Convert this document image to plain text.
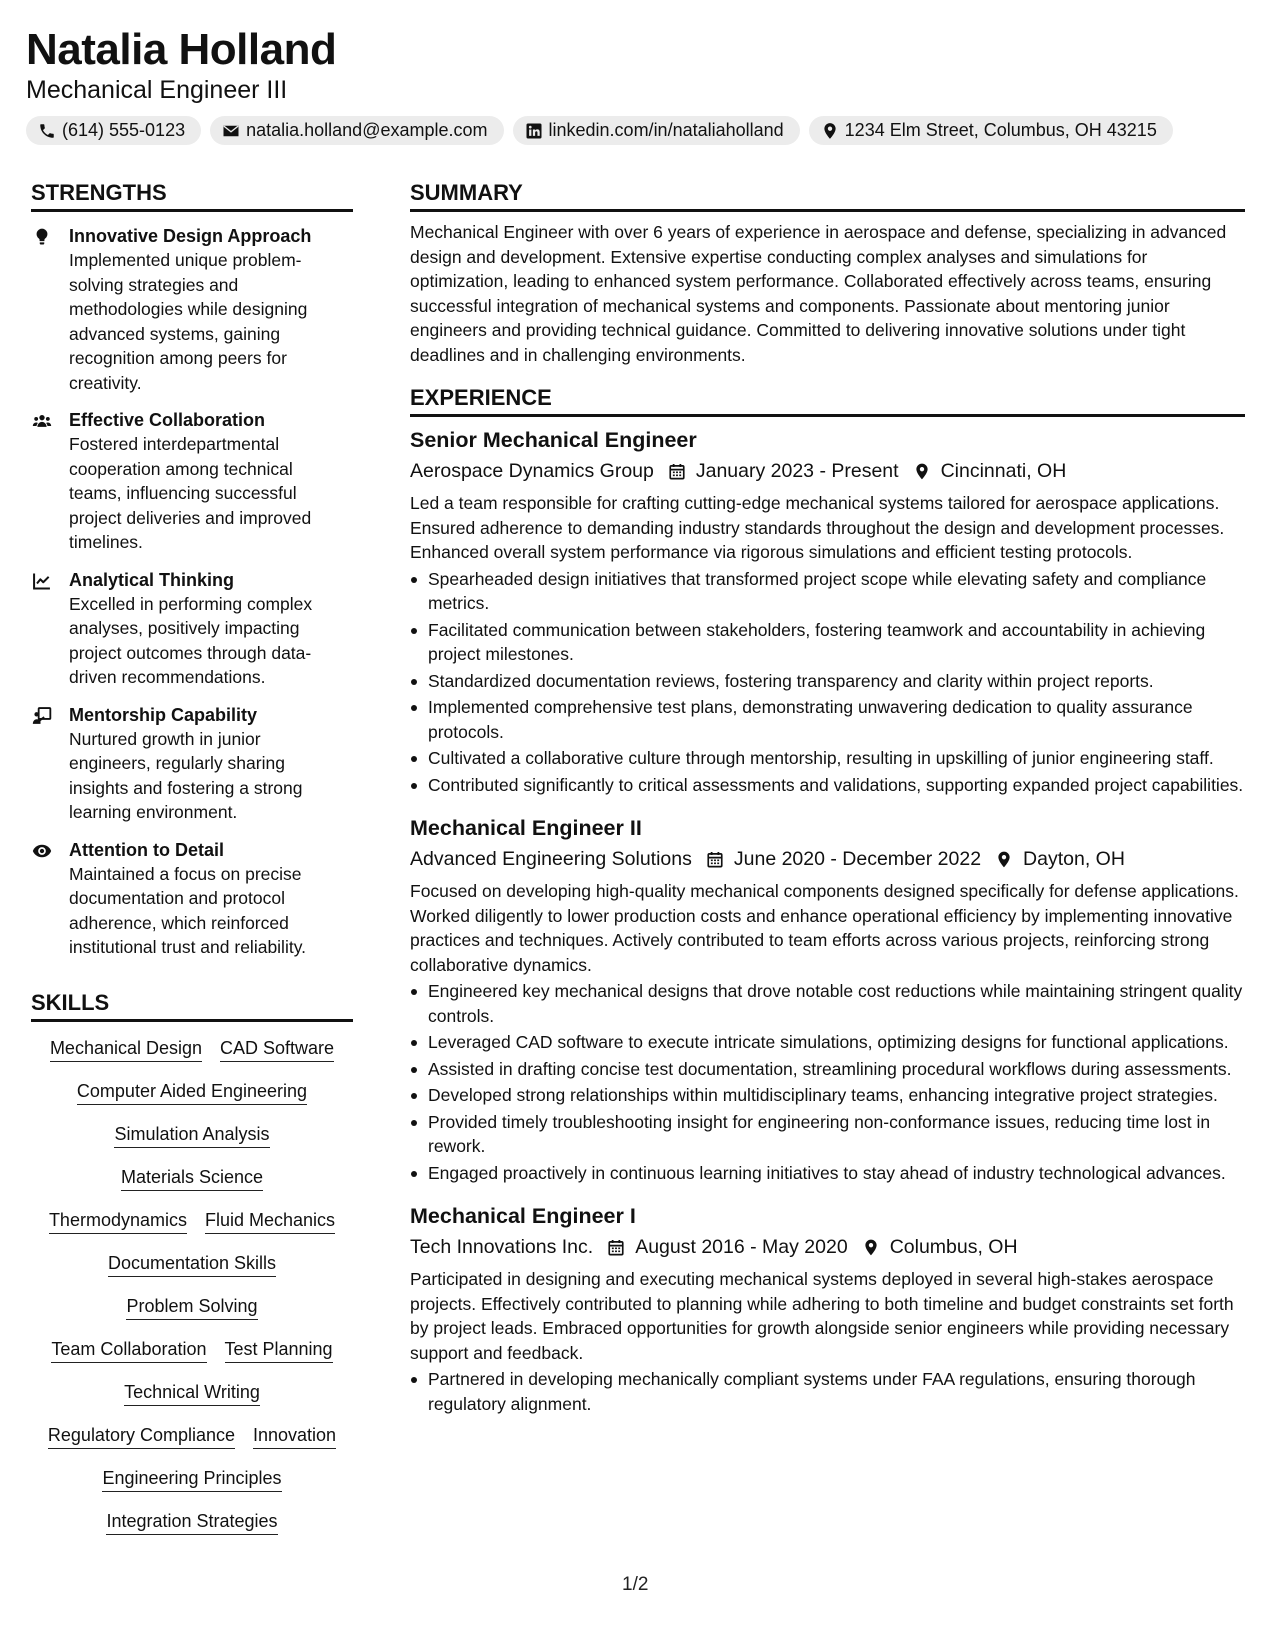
Natalia Holland
Mechanical Engineer III
(614) 555-0123	natalia.holland@example.com	linkedin.com/in/nataliaholland	1234 Elm Street, Columbus, OH 43215
STRENGTHS
Innovative Design Approach

Implemented unique problem-solving strategies and methodologies while designing advanced systems, gaining recognition among peers for creativity.

Effective Collaboration

Fostered interdepartmental cooperation among technical teams, influencing successful project deliveries and improved timelines.

Analytical Thinking

Excelled in performing complex analyses, positively impacting project outcomes through data-driven recommendations.

Mentorship Capability

Nurtured growth in junior engineers, regularly sharing insights and fostering a strong learning environment.

Attention to Detail

Maintained a focus on precise documentation and protocol adherence, which reinforced institutional trust and reliability.

SKILLS
Mechanical Design CAD Software
Computer Aided Engineering
Simulation Analysis
Materials Science
Thermodynamics Fluid Mechanics
Documentation Skills
Problem Solving
Team Collaboration Test Planning
Technical Writing
Regulatory Compliance Innovation
Engineering Principles
Integration Strategies
SUMMARY

Mechanical Engineer with over 6 years of experience in aerospace and defense, specializing in advanced design and development. Extensive expertise conducting complex analyses and simulations for optimization, leading to enhanced system performance. Collaborated effectively across teams, ensuring successful integration of mechanical systems and components. Passionate about mentoring junior engineers and providing technical guidance. Committed to delivering innovative solutions under tight deadlines and in challenging environments.

EXPERIENCE
Senior Mechanical Engineer
Aerospace Dynamics Group January 2023 - Present Cincinnati, OH

Led a team responsible for crafting cutting-edge mechanical systems tailored for aerospace applications. Ensured adherence to demanding industry standards throughout the design and development processes. Enhanced overall system performance via rigorous simulations and efficient testing protocols.

Spearheaded design initiatives that transformed project scope while elevating safety and compliance metrics.
Facilitated communication between stakeholders, fostering teamwork and accountability in achieving project milestones.
Standardized documentation reviews, fostering transparency and clarity within project reports.
Implemented comprehensive test plans, demonstrating unwavering dedication to quality assurance protocols.
Cultivated a collaborative culture through mentorship, resulting in upskilling of junior engineering staff.
Contributed significantly to critical assessments and validations, supporting expanded project capabilities.
Mechanical Engineer II
Advanced Engineering Solutions June 2020 - December 2022 Dayton, OH

Focused on developing high-quality mechanical components designed specifically for defense applications. Worked diligently to lower production costs and enhance operational efficiency by implementing innovative practices and techniques. Actively contributed to team efforts across various projects, reinforcing strong collaborative dynamics.

Engineered key mechanical designs that drove notable cost reductions while maintaining stringent quality controls.
Leveraged CAD software to execute intricate simulations, optimizing designs for functional applications.
Assisted in drafting concise test documentation, streamlining procedural workflows during assessments.
Developed strong relationships within multidisciplinary teams, enhancing integrative project strategies.
Provided timely troubleshooting insight for engineering non-conformance issues, reducing time lost in rework.
Engaged proactively in continuous learning initiatives to stay ahead of industry technological advances.
Mechanical Engineer I
Tech Innovations Inc. August 2016 - May 2020 Columbus, OH

Participated in designing and executing mechanical systems deployed in several high-stakes aerospace projects. Effectively contributed to planning while adhering to both timeline and budget constraints set forth by project leads. Embraced opportunities for growth alongside senior engineers while providing necessary support and feedback.

Partnered in developing mechanically compliant systems under FAA regulations, ensuring thorough regulatory alignment.
1/2
